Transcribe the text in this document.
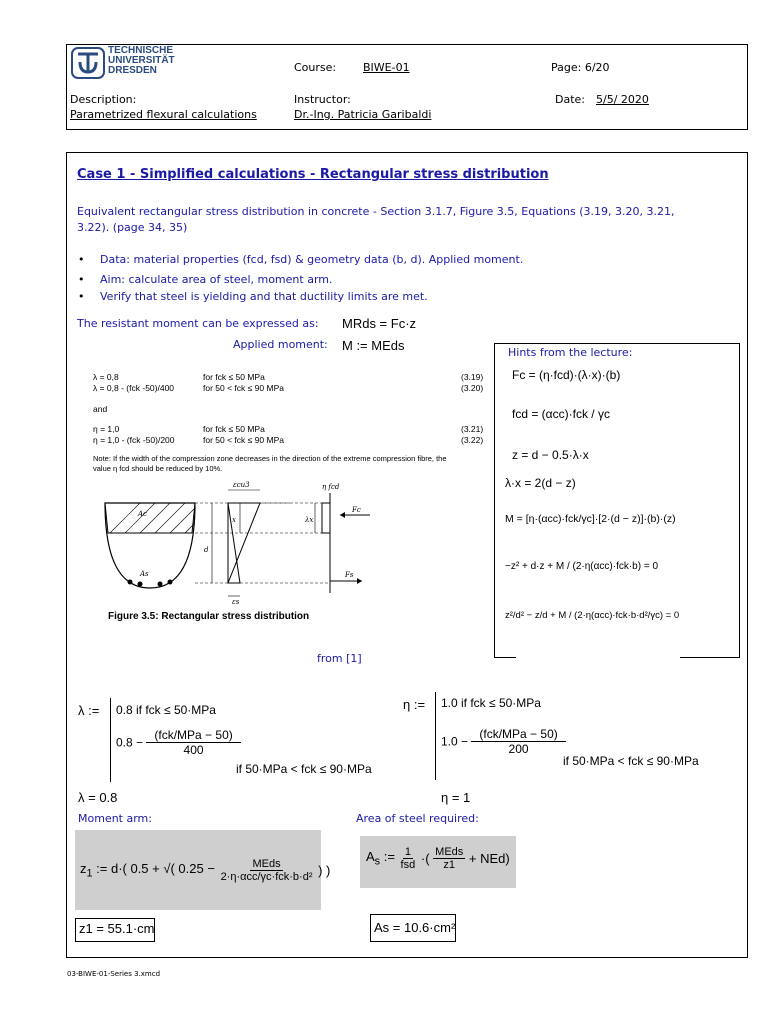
TECHNISCHE
UNIVERSITÄT
DRESDEN	Course: BIWE-01	Page: 6/20
Description:
Parametrized flexural calculations
Instructor:
Dr.-Ing. Patricia Garibaldi
Date:	5/5/ 2020
Case 1 - Simplified calculations - Rectangular stress distribution
Equivalent rectangular stress distribution in concrete - Section 3.1.7, Figure 3.5, Equations (3.19, 3.20, 3.21,
3.22). (page 34, 35)
• Data: material properties (fcd, fsd) & geometry data (b, d). Applied moment.
• Aim: calculate area of steel, moment arm.
• Verify that steel is yielding and that ductility limits are met.
The resistant moment can be expressed as: MRds = Fc·z
Applied moment: M := MEds
λ = 0,8	for fck ≤ 50 MPa	(3.19)
λ = 0,8 - (fck -50)/400	for 50 < fck ≤ 90 MPa	(3.20)
and
η = 1,0	for fck ≤ 50 MPa	(3.21)
η = 1,0 - (fck -50)/200	for 50 < fck ≤ 90 MPa	(3.22)
Note: If the width of the compression zone decreases in the direction of the extreme compression fibre, the
value η fcd should be reduced by 10%.
εcu3	η fcd
x	λx
Fc
Fs
d
Ac
As
εs
Figure 3.5: Rectangular stress distribution
from [1]
Hints from the lecture:
Fc = (η·fcd)·(λ·x)·(b)
fcd = (αcc)·fck / γc
z = d − 0.5·λ·x
λ·x = 2(d − z)
M = [η·(αcc)·fck/γc]·[2·(d − z)]·(b)·(z)
−z² + d·z + M / (2·η(αcc)·fck·b) = 0
z²/d² − z/d + M / (2·η(αcc)·fck·b·d²/γc) = 0
λ := 0.8 if fck ≤ 50·MPa
$0.8 - \frac{\text{(fck/MPa − 50)}}{400}$
if 50·MPa < fck ≤ 90·MPa
λ = 0.8
η := 1.0 if fck ≤ 50·MPa
$1.0 - \frac{\text{(fck/MPa − 50)}}{200}$
if 50·MPa < fck ≤ 90·MPa
η = 1
Moment arm:
$z_1$ := d·( 0.5 + √( $0.25 - \frac{\text{MEds}}{\text{2·η·αcc/γc·fck·b·d²}}$ ) )
z1 = 55.1·cm
Area of steel required:
$A_s$ := $\frac{1}{\text{fsd}}$ ·( $\frac{\text{MEds}}{z1} + NEd$)
As = 10.6·cm²
03-BIWE-01-Series 3.xmcd
